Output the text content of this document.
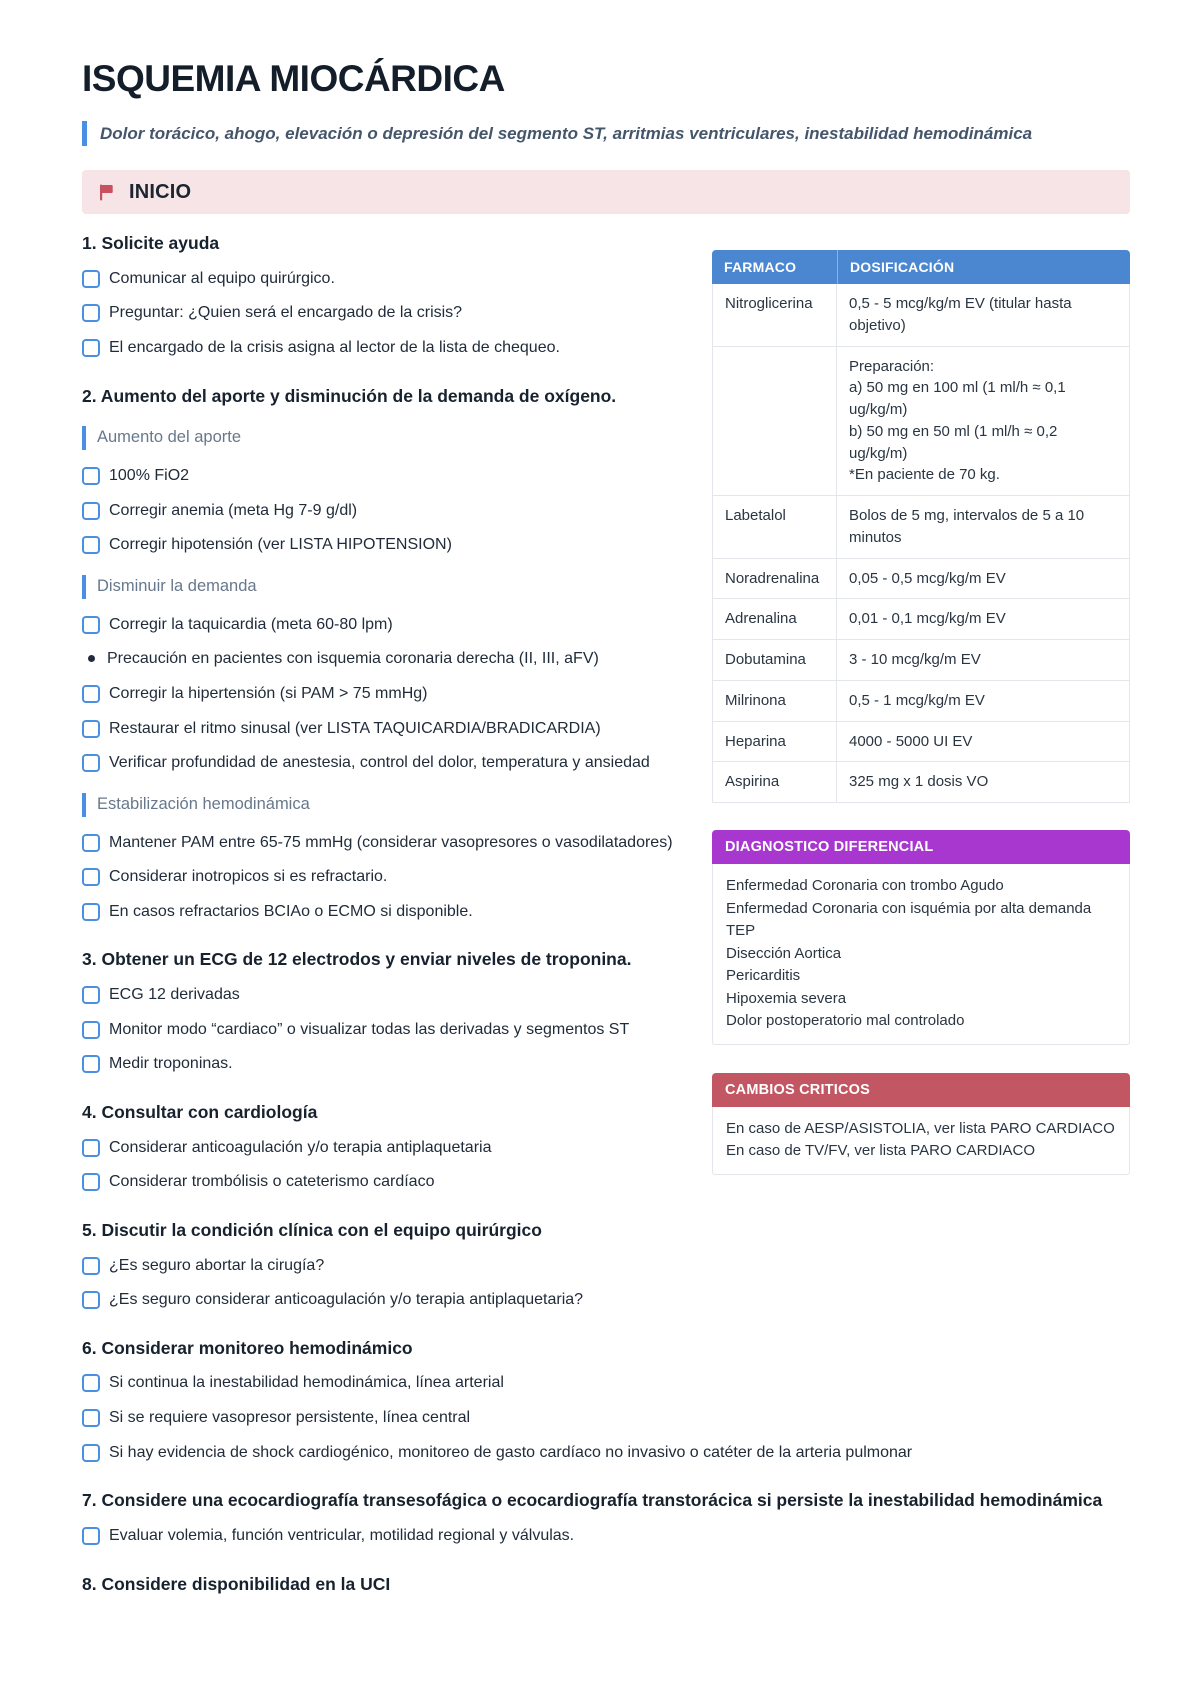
ISQUEMIA MIOCÁRDICA
Dolor torácico, ahogo, elevación o depresión del segmento ST, arritmias ventriculares, inestabilidad hemodinámica
INICIO
FARMACO	DOSIFICACIÓN
Nitroglicerina	0,5 - 5 mcg/kg/m EV (titular hasta objetivo)

	Preparación:
a) 50 mg en 100 ml (1 ml/h ≈ 0,1 ug/kg/m)
b) 50 mg en 50 ml (1 ml/h ≈ 0,2 ug/kg/m)
*En paciente de 70 kg.

Labetalol	Bolos de 5 mg, intervalos de 5 a 10 minutos
Noradrenalina	0,05 - 0,5 mcg/kg/m EV
Adrenalina	0,01 - 0,1 mcg/kg/m EV
Dobutamina	3 - 10 mcg/kg/m EV
Milrinona	0,5 - 1 mcg/kg/m EV
Heparina	4000 - 5000 UI EV
Aspirina	325 mg x 1 dosis VO
DIAGNOSTICO DIFERENCIAL
Enfermedad Coronaria con trombo Agudo
Enfermedad Coronaria con isquémia por alta demanda
TEP
Disección Aortica
Pericarditis
Hipoxemia severa
Dolor postoperatorio mal controlado
CAMBIOS CRITICOS
En caso de AESP/ASISTOLIA, ver lista PARO CARDIACO
En caso de TV/FV, ver lista PARO CARDIACO
1. Solicite ayuda
Comunicar al equipo quirúrgico.
Preguntar: ¿Quien será el encargado de la crisis?
El encargado de la crisis asigna al lector de la lista de chequeo.
2. Aumento del aporte y disminución de la demanda de oxígeno.
Aumento del aporte
100% FiO2
Corregir anemia (meta Hg 7-9 g/dl)
Corregir hipotensión (ver LISTA HIPOTENSION)
Disminuir la demanda
Corregir la taquicardia (meta 60-80 lpm)
Precaución en pacientes con isquemia coronaria derecha (II, III, aFV)
Corregir la hipertensión (si PAM > 75 mmHg)
Restaurar el ritmo sinusal (ver LISTA TAQUICARDIA/BRADICARDIA)
Verificar profundidad de anestesia, control del dolor, temperatura y ansiedad
Estabilización hemodinámica
Mantener PAM entre 65-75 mmHg (considerar vasopresores o vasodilatadores)
Considerar inotropicos si es refractario.
En casos refractarios BCIAo o ECMO si disponible.
3. Obtener un ECG de 12 electrodos y enviar niveles de troponina.
ECG 12 derivadas
Monitor modo “cardiaco” o visualizar todas las derivadas y segmentos ST
Medir troponinas.
4. Consultar con cardiología
Considerar anticoagulación y/o terapia antiplaquetaria
Considerar trombólisis o cateterismo cardíaco
5. Discutir la condición clínica con el equipo quirúrgico
¿Es seguro abortar la cirugía?
¿Es seguro considerar anticoagulación y/o terapia antiplaquetaria?
6. Considerar monitoreo hemodinámico
Si continua la inestabilidad hemodinámica, línea arterial
Si se requiere vasopresor persistente, línea central
Si hay evidencia de shock cardiogénico, monitoreo de gasto cardíaco no invasivo o catéter de la arteria pulmonar
7. Considere una ecocardiografía transesofágica o ecocardiografía transtorácica si persiste la inestabilidad hemodinámica
Evaluar volemia, función ventricular, motilidad regional y válvulas.
8. Considere disponibilidad en la UCI
